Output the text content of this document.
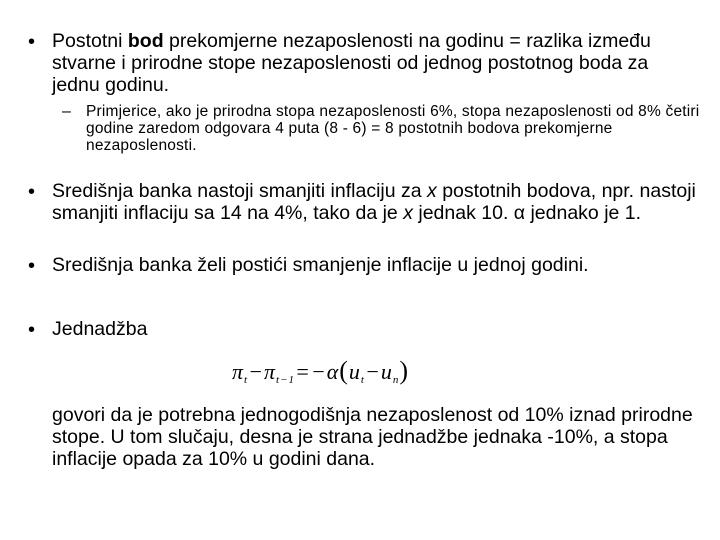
• Postotni bod prekomjerne nezaposlenosti na godinu = razlika između stvarne i prirodne stope nezaposlenosti od jednog postotnog boda za jednu godinu.
– Primjerice, ako je prirodna stopa nezaposlenosti 6%, stopa nezaposlenosti od 8% četiri godine zaredom odgovara 4 puta (8 - 6) = 8 postotnih bodova prekomjerne nezaposlenosti.
• Središnja banka nastoji smanjiti inflaciju za x postotnih bodova, npr. nastoji smanjiti inflaciju sa 14 na 4%, tako da je x jednak 10. α jednako je 1.
• Središnja banka želi postići smanjenje inflacije u jednoj godini.
• Jednadžba
$\pi_t-\pi_{t-1}=-\alpha(u_t-u_n)$
govori da je potrebna jednogodišnja nezaposlenost od 10% iznad prirodne stope. U tom slučaju, desna je strana jednadžbe jednaka -10%, a stopa inflacije opada za 10% u godini dana.
